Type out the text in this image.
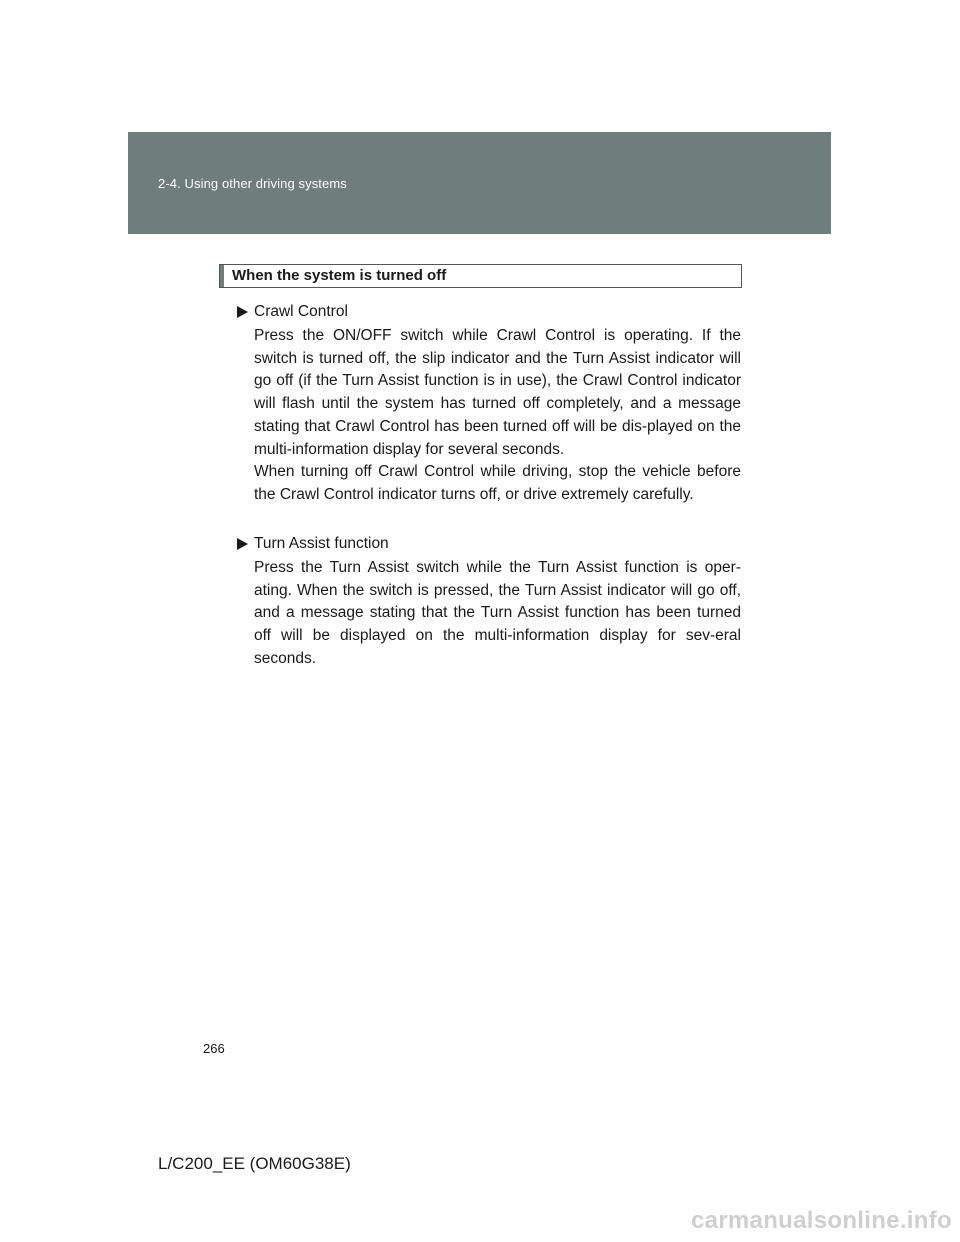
2-4. Using other driving systems
When the system is turned off
Crawl Control

Press the ON/OFF switch while Crawl Control is operating. If the switch is turned off, the slip indicator and the Turn Assist indicator will go off (if the Turn Assist function is in use), the Crawl Control indicator will flash until the system has turned off completely, and a message stating that Crawl Control has been turned off will be dis-played on the multi-information display for several seconds.

When turning off Crawl Control while driving, stop the vehicle before the Crawl Control indicator turns off, or drive extremely carefully.

Turn Assist function

Press the Turn Assist switch while the Turn Assist function is oper-ating. When the switch is pressed, the Turn Assist indicator will go off, and a message stating that the Turn Assist function has been turned off will be displayed on the multi-information display for sev-eral seconds.

266
L/C200_EE (OM60G38E)
carmanualsonline.info
